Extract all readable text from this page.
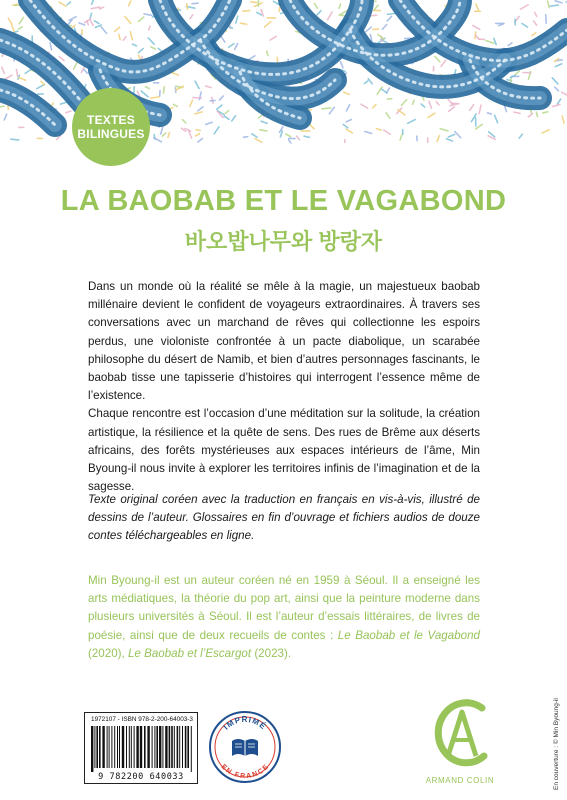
TEXTES
BILINGUES
LA BAOBAB ET LE VAGABOND
바오밥나무와 방랑자

Dans un monde où la réalité se mêle à la magie, un majestueux baobab millénaire devient le confident de voyageurs extraordinaires. À travers ses conversations avec un marchand de rêves qui collectionne les espoirs perdus, une violoniste confrontée à un pacte diabolique, un scarabée philosophe du désert de Namib, et bien d’autres personnages fascinants, le baobab tisse une tapisserie d’histoires qui interrogent l’essence même de l’existence.

Chaque rencontre est l’occasion d’une méditation sur la solitude, la création artistique, la résilience et la quête de sens. Des rues de Brême aux déserts africains, des forêts mystérieuses aux espaces intérieurs de l’âme, Min Byoung-il nous invite à explorer les territoires infinis de l’imagination et de la sagesse.

Texte original coréen avec la traduction en français en vis-à-vis, illustré de dessins de l’auteur. Glossaires en fin d’ouvrage et fichiers audios de douze contes téléchargeables en ligne.

Min Byoung-il est un auteur coréen né en 1959 à Séoul. Il a enseigné les arts médiatiques, la théorie du pop art, ainsi que la peinture moderne dans plusieurs universités à Séoul. Il est l’auteur d’essais littéraires, de livres de poésie, ainsi que de deux recueils de contes : Le Baobab et le Vagabond (2020), Le Baobab et l’Escargot (2023).

1972107 - ISBN 978-2-200-64003-3
9 782200 640033
IMPRIMÉ
EN FRANCE
ARMAND COLIN	En couverture : © Min Byoung-il
